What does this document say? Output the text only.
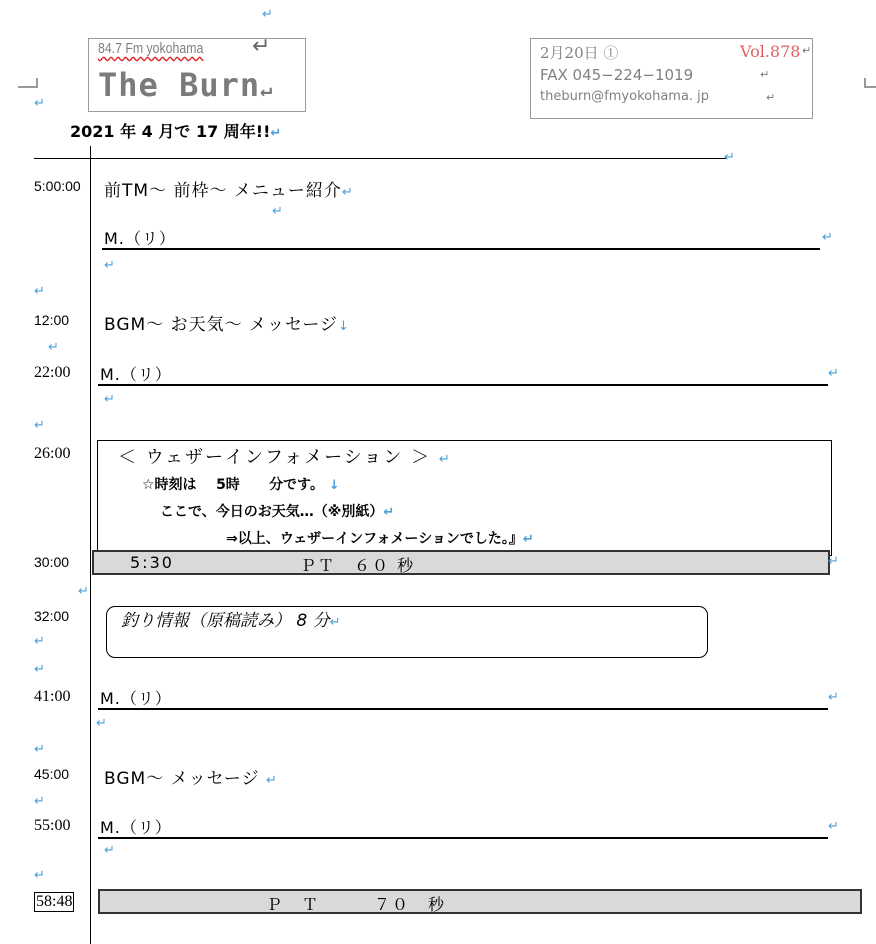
↵
↵
84.7 Fm yokohama ↵
The Burn↵
2月20日 ①	Vol.878 ↵
FAX 045−224−1019	↵
theburn@fmyokohama. jp	↵
2021 年 4 月で 17 周年!!↵
↵
5:00:00 前TM〜 前枠〜 メニュー紹介↵
↵
M.（リ）	↵
↵
↵
12:00 BGM〜 お天気〜 メッセージ↓
↵
22:00 M.（リ）	↵
↵
↵
26:00	＜ ウェザーインフォメーション ＞ ↵
☆時刻は 5時 分です。 ↓
ここで、今日のお天気…（※別紙）↵
⇒以上、ウェザーインフォメーションでした。』↵
30:00	5:30	ＰＴ　６０ 秒	↵
↵
32:00	釣り情報（原稿読み） 8 分↵
↵
↵
41:00 M.（リ）	↵
↵
↵
45:00 BGM〜 メッセージ ↵
↵
55:00 M.（リ）	↵
↵
↵
58:48	Ｐ　Ｔ　　　７０　秒
